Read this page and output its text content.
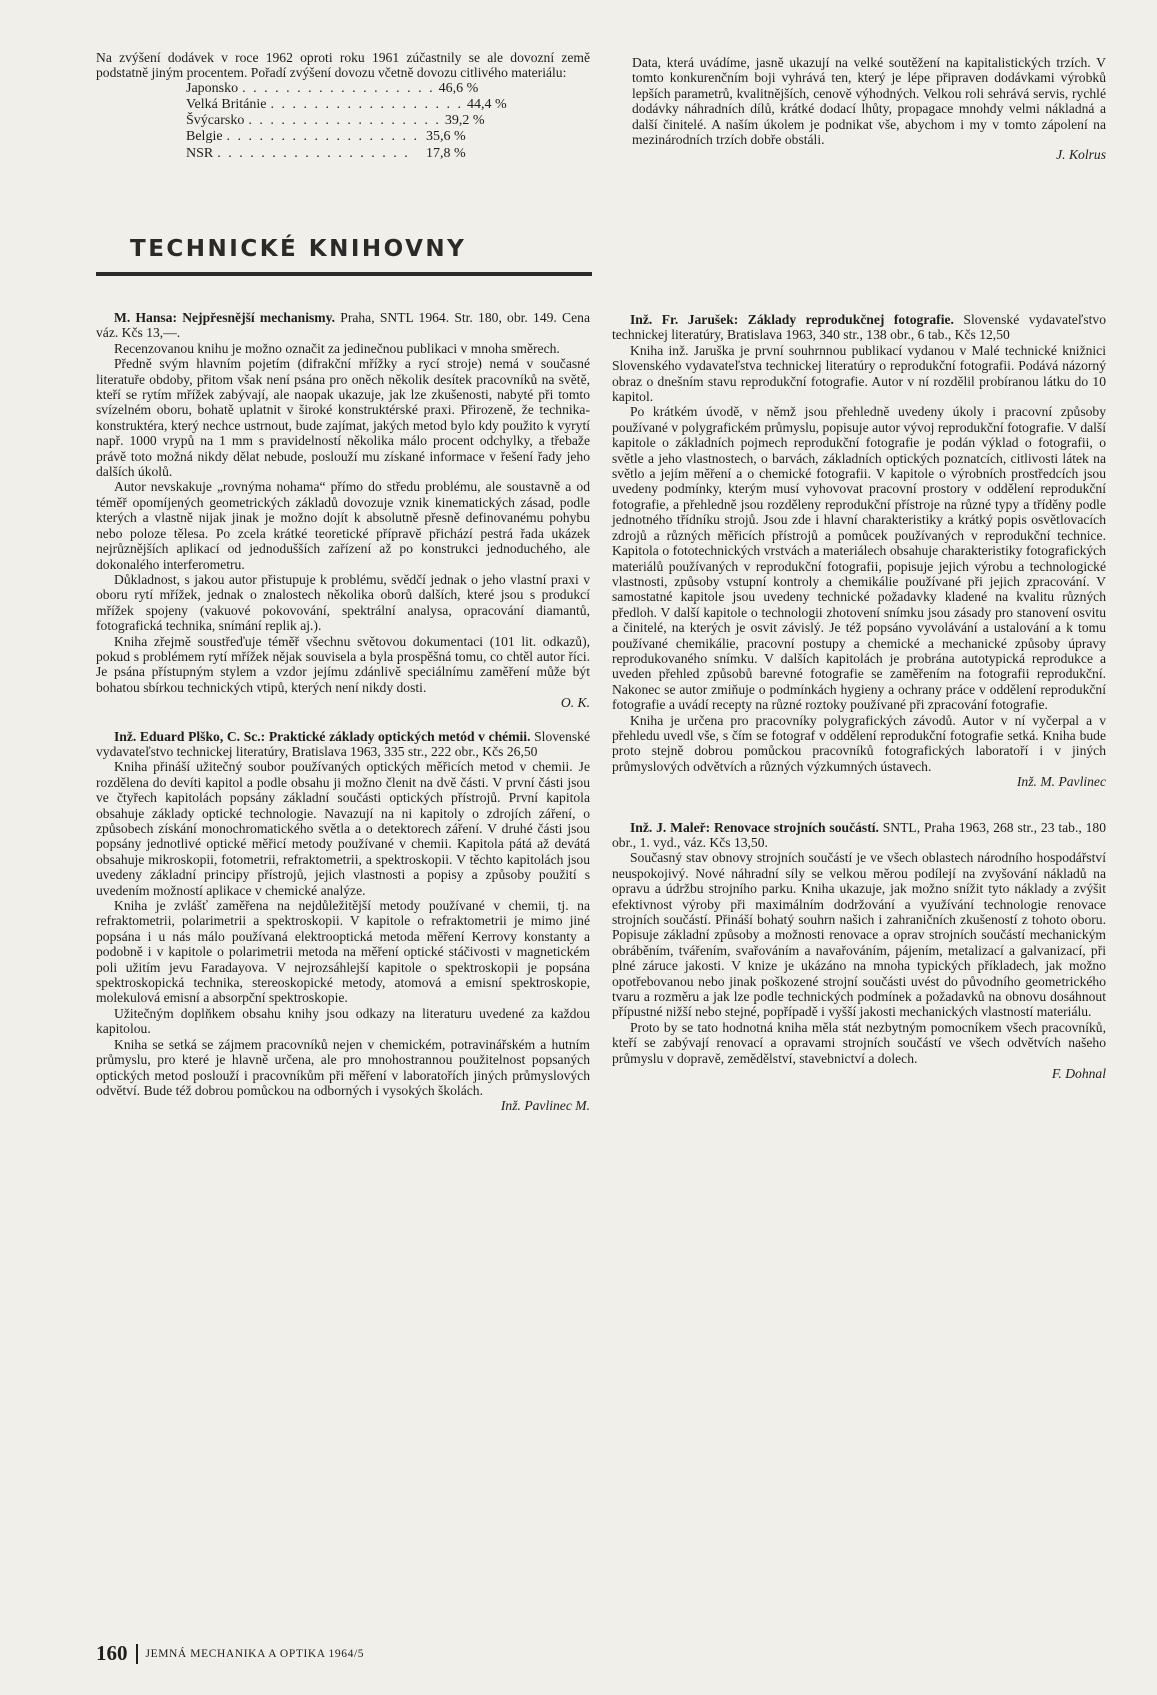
Na zvýšení dodávek v roce 1962 oproti roku 1961 zúčastnily se ale dovozní země podstatně jiným procentem. Pořadí zvýšení dovozu včetně dovozu citlivého materiálu:

Japonsko . . . . . . . . . . . . . . . . . . 46,6 %
Velká Británie . . . . . . . . . . . . . . . . . . 44,4 %
Švýcarsko . . . . . . . . . . . . . . . . . . 39,2 %
Belgie . . . . . . . . . . . . . . . . . . 35,6 %
NSR . . . . . . . . . . . . . . . . . .	17,8 %

Data, která uvádíme, jasně ukazují na velké soutěžení na kapitalistických trzích. V tomto konkurenčním boji vyhrává ten, který je lépe připraven dodávkami výrobků lepších parametrů, kvalitnějších, cenově výhodných. Velkou roli sehrává servis, rychlé dodávky náhradních dílů, krátké dodací lhůty, propagace mnohdy velmi nákladná a další činitelé. A naším úkolem je podnikat vše, abychom i my v tomto zápolení na mezinárodních trzích dobře obstáli.

J. Kolrus

TECHNICKÉ KNIHOVNY

M. Hansa: Nejpřesnější mechanismy. Praha, SNTL 1964. Str. 180, obr. 149. Cena váz. Kčs 13,—.

Recenzovanou knihu je možno označit za jedinečnou publikaci v mnoha směrech.

Předně svým hlavním pojetím (difrakční mřížky a rycí stroje) nemá v současné literatuře obdoby, přitom však není psána pro oněch několik desítek pracovníků na světě, kteří se rytím mřížek zabývají, ale naopak ukazuje, jak lze zkušenosti, nabyté při tomto svízelném oboru, bohatě uplatnit v široké konstruktérské praxi. Přirozeně, že technika-konstruktéra, který nechce ustrnout, bude zajímat, jakých metod bylo kdy použito k vyrytí např. 1000 vrypů na 1 mm s pravidelností několika málo procent odchylky, a třebaže právě toto možná nikdy dělat nebude, poslouží mu získané informace v řešení řady jeho dalších úkolů.

Autor nevskakuje „rovnýma nohama“ přímo do středu problému, ale soustavně a od téměř opomíjených geometrických základů dovozuje vznik kinematických zásad, podle kterých a vlastně nijak jinak je možno dojít k absolutně přesně definovanému pohybu nebo poloze tělesa. Po zcela krátké teoretické přípravě přichází pestrá řada ukázek nejrůznějších aplikací od jednodušších zařízení až po konstrukci jednoduchého, ale dokonalého interferometru.

Důkladnost, s jakou autor přistupuje k problému, svědčí jednak o jeho vlastní praxi v oboru rytí mřížek, jednak o znalostech několika oborů dalších, které jsou s produkcí mřížek spojeny (vakuové pokovování, spektrální analysa, opracování diamantů, fotografická technika, snímání replik aj.).

Kniha zřejmě soustřeďuje téměř všechnu světovou dokumentaci (101 lit. odkazů), pokud s problémem rytí mřížek nějak souvisela a byla prospěšná tomu, co chtěl autor říci. Je psána přístupným stylem a vzdor jejímu zdánlivě speciálnímu zaměření může být bohatou sbírkou technických vtipů, kterých není nikdy dosti.

O. K.

Inž. Eduard Plško, C. Sc.: Praktické základy optických metód v chémii. Slovenské vydavateľstvo technickej literatúry, Bratislava 1963, 335 str., 222 obr., Kčs 26,50

Kniha přináší užitečný soubor používaných optických měřicích metod v chemii. Je rozdělena do devíti kapitol a podle obsahu ji možno členit na dvě části. V první části jsou ve čtyřech kapitolách popsány základní součásti optických přístrojů. První kapitola obsahuje základy optické technologie. Navazují na ni kapitoly o zdrojích záření, o způsobech získání monochromatického světla a o detektorech záření. V druhé části jsou popsány jednotlivé optické měřicí metody používané v chemii. Kapitola pátá až devátá obsahuje mikroskopii, fotometrii, refraktometrii, a spektroskopii. V těchto kapitolách jsou uvedeny základní principy přístrojů, jejich vlastnosti a popisy a způsoby použití s uvedením možností aplikace v chemické analýze.

Kniha je zvlášť zaměřena na nejdůležitější metody používané v chemii, tj. na refraktometrii, polarimetrii a spektroskopii. V kapitole o refraktometrii je mimo jiné popsána i u nás málo používaná elektrooptická metoda měření Kerrovy konstanty a podobně i v kapitole o polarimetrii metoda na měření optické stáčivosti v magnetickém poli užitím jevu Faradayova. V nejrozsáhlejší kapitole o spektroskopii je popsána spektroskopická technika, stereoskopické metody, atomová a emisní spektroskopie, molekulová emisní a absorpční spektroskopie.

Užitečným doplňkem obsahu knihy jsou odkazy na literaturu uvedené za každou kapitolou.

Kniha se setká se zájmem pracovníků nejen v chemickém, potravinářském a hutním průmyslu, pro které je hlavně určena, ale pro mnohostrannou použitelnost popsaných optických metod poslouží i pracovníkům při měření v laboratořích jiných průmyslových odvětví. Bude též dobrou pomůckou na odborných i vysokých školách.

Inž. Pavlinec M.

Inž. Fr. Jarušek: Základy reprodukčnej fotografie. Slovenské vydavateľstvo technickej literatúry, Bratislava 1963, 340 str., 138 obr., 6 tab., Kčs 12,50

Kniha inž. Jaruška je první souhrnnou publikací vydanou v Malé technické knižnici Slovenského vydavateľstva technickej literatúry o reprodukční fotografii. Podává názorný obraz o dnešním stavu reprodukční fotografie. Autor v ní rozdělil probíranou látku do 10 kapitol.

Po krátkém úvodě, v němž jsou přehledně uvedeny úkoly i pracovní způsoby používané v polygrafickém průmyslu, popisuje autor vývoj reprodukční fotografie. V další kapitole o základních pojmech reprodukční fotografie je podán výklad o fotografii, o světle a jeho vlastnostech, o barvách, základních optických poznatcích, citlivosti látek na světlo a jejím měření a o chemické fotografii. V kapitole o výrobních prostředcích jsou uvedeny podmínky, kterým musí vyhovovat pracovní prostory v oddělení reprodukční fotografie, a přehledně jsou rozděleny reprodukční přístroje na různé typy a tříděny podle jednotného třídníku strojů. Jsou zde i hlavní charakteristiky a krátký popis osvětlovacích zdrojů a různých měřicích přístrojů a pomůcek používaných v reprodukční technice. Kapitola o fototechnických vrstvách a materiálech obsahuje charakteristiky fotografických materiálů používaných v reprodukční fotografii, popisuje jejich výrobu a technologické vlastnosti, způsoby vstupní kontroly a chemikálie používané při jejich zpracování. V samostatné kapitole jsou uvedeny technické požadavky kladené na kvalitu různých předloh. V další kapitole o technologii zhotovení snímku jsou zásady pro stanovení osvitu a činitelé, na kterých je osvit závislý. Je též popsáno vyvolávání a ustalování a k tomu používané chemikálie, pracovní postupy a chemické a mechanické způsoby úpravy reprodukovaného snímku. V dalších kapitolách je probrána autotypická reprodukce a uveden přehled způsobů barevné fotografie se zaměřením na fotografii reprodukční. Nakonec se autor zmiňuje o podmínkách hygieny a ochrany práce v oddělení reprodukční fotografie a uvádí recepty na různé roztoky používané při zpracování fotografie.

Kniha je určena pro pracovníky polygrafických závodů. Autor v ní vyčerpal a v přehledu uvedl vše, s čím se fotograf v oddělení reprodukční fotografie setká. Kniha bude proto stejně dobrou pomůckou pracovníků fotografických laboratoří i v jiných průmyslových odvětvích a různých výzkumných ústavech.

Inž. M. Pavlinec

Inž. J. Maleř: Renovace strojních součástí. SNTL, Praha 1963, 268 str., 23 tab., 180 obr., 1. vyd., váz. Kčs 13,50.

Současný stav obnovy strojních součástí je ve všech oblastech národního hospodářství neuspokojivý. Nové náhradní síly se velkou měrou podílejí na zvyšování nákladů na opravu a údržbu strojního parku. Kniha ukazuje, jak možno snížit tyto náklady a zvýšit efektivnost výroby při maximálním dodržování a využívání technologie renovace strojních součástí. Přináší bohatý souhrn našich i zahraničních zkušeností z tohoto oboru. Popisuje základní způsoby a možnosti renovace a oprav strojních součástí mechanickým obráběním, tvářením, svařováním a navařováním, pájením, metalizací a galvanizací, při plné záruce jakosti. V knize je ukázáno na mnoha typických příkladech, jak možno opotřebovanou nebo jinak poškozené strojní součásti uvést do původního geometrického tvaru a rozměru a jak lze podle technických podmínek a požadavků na obnovu dosáhnout přípustné nižší nebo stejné, popřípadě i vyšší jakosti mechanických vlastností materiálu.

Proto by se tato hodnotná kniha měla stát nezbytným pomocníkem všech pracovníků, kteří se zabývají renovací a opravami strojních součástí ve všech odvětvích našeho průmyslu v dopravě, zemědělství, stavebnictví a dolech.

F. Dohnal

160 JEMNÁ MECHANIKA A OPTIKA 1964/5
